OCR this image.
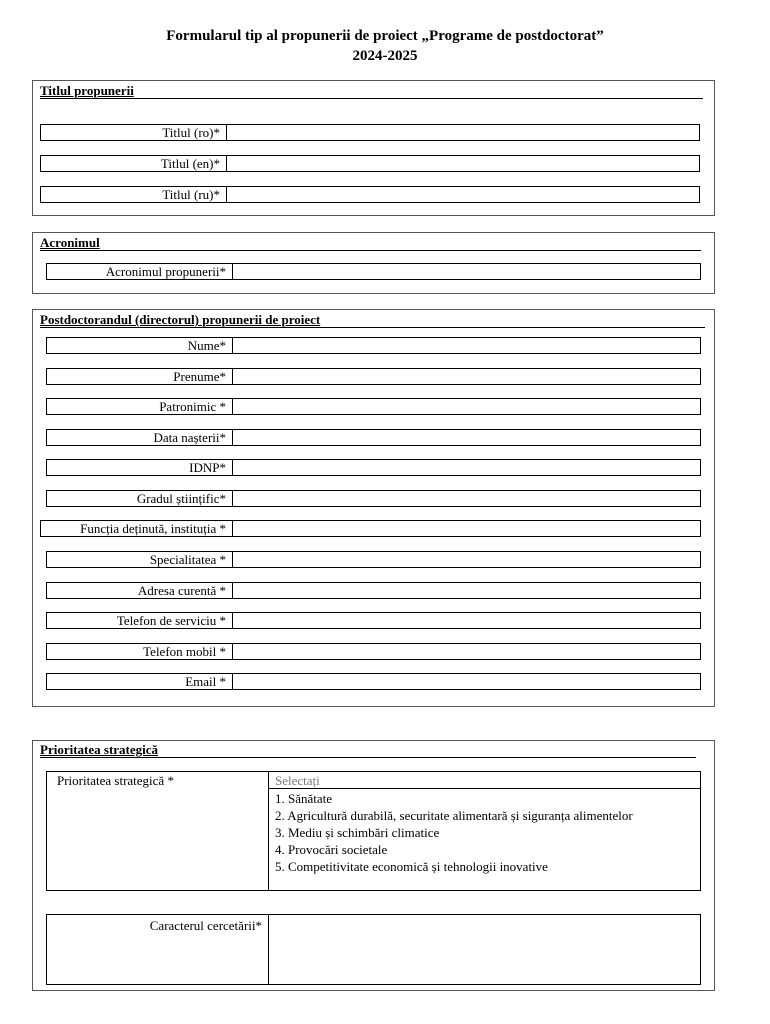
Formularul tip al propunerii de proiect „Programe de postdoctorat”
2024-2025
Titlul propunerii
Titlul (ro)*
Titlul (en)*
Titlul (ru)*
Acronimul
Acronimul propunerii*
Postdoctorandul (directorul) propunerii de proiect
Nume*
Prenume*
Patronimic *
Data nașterii*
IDNP*
Gradul științific*
Funcția deținută, instituția *
Specialitatea *
Adresa curentă *
Telefon de serviciu *
Telefon mobil *
Email *
Prioritatea strategică
Prioritatea strategică *	Selectați
1. Sănătate
2. Agricultură durabilă, securitate alimentară și siguranța alimentelor
3. Mediu și schimbări climatice
4. Provocări societale
5. Competitivitate economică și tehnologii inovative
Caracterul cercetării*
